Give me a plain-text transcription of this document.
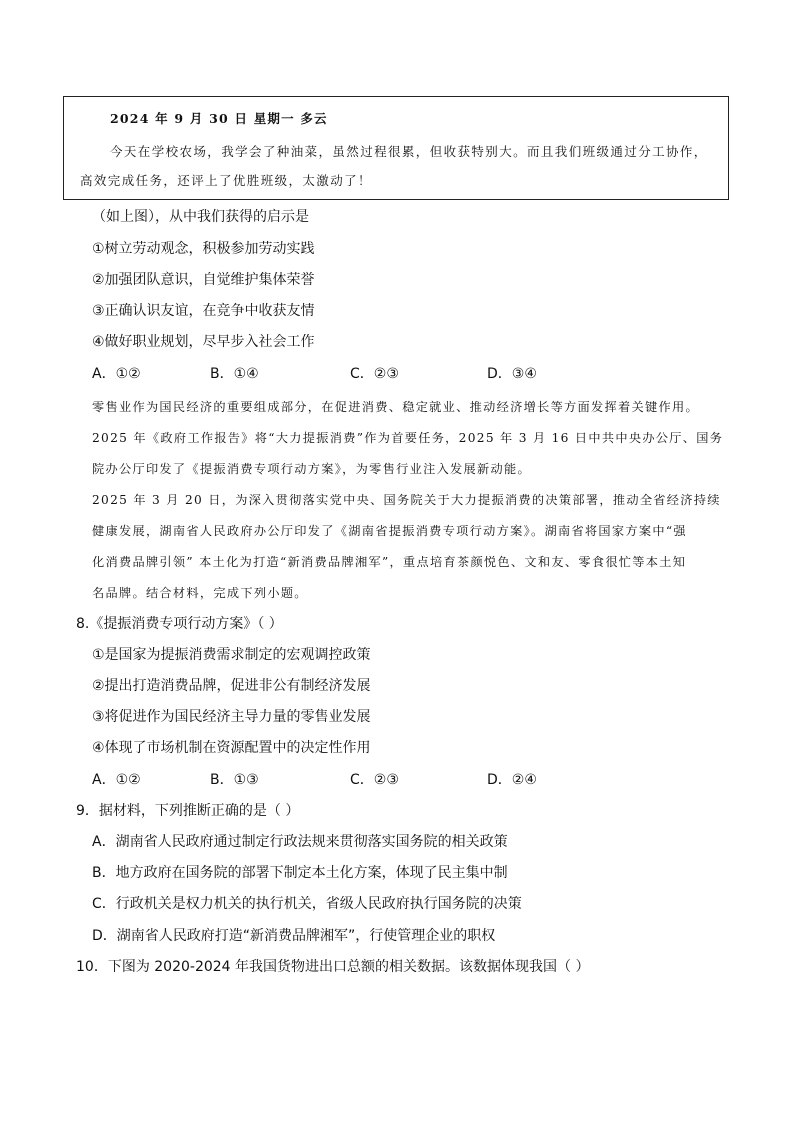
2024 年 9 月 30 日 星期一 多云
今天在学校农场，我学会了种油菜，虽然过程很累，但收获特别大。而且我们班级通过分工协作，高效完成任务，还评上了优胜班级，太激动了！
（如上图），从中我们获得的启示是
①树立劳动观念，积极参加劳动实践
②加强团队意识，自觉维护集体荣誉
③正确认识友谊，在竞争中收获友情
④做好职业规划，尽早步入社会工作
A．①②	B．①④	C．②③	D．③④
零售业作为国民经济的重要组成部分，在促进消费、稳定就业、推动经济增长等方面发挥着关键作用。
2025 年《政府工作报告》将“大力提振消费”作为首要任务，2025 年 3 月 16 日中共中央办公厅、国务
院办公厅印发了《提振消费专项行动方案》，为零售行业注入发展新动能。
2025 年 3 月 20 日，为深入贯彻落实党中央、国务院关于大力提振消费的决策部署，推动全省经济持续
健康发展，湖南省人民政府办公厅印发了《湖南省提振消费专项行动方案》。湖南省将国家方案中“强
化消费品牌引领” 本土化为打造“新消费品牌湘军”，重点培育茶颜悦色、文和友、零食很忙等本土知
名品牌。结合材料，完成下列小题。
8.《提振消费专项行动方案》（ ）
①是国家为提振消费需求制定的宏观调控政策
②提出打造消费品牌，促进非公有制经济发展
③将促进作为国民经济主导力量的零售业发展
④体现了市场机制在资源配置中的决定性作用
A．①②	B．①③	C．②③	D．②④
9．据材料，下列推断正确的是（ ）
A．湖南省人民政府通过制定行政法规来贯彻落实国务院的相关政策
B．地方政府在国务院的部署下制定本土化方案，体现了民主集中制
C．行政机关是权力机关的执行机关，省级人民政府执行国务院的决策
D．湖南省人民政府打造“新消费品牌湘军”，行使管理企业的职权
10．下图为 2020-2024 年我国货物进出口总额的相关数据。该数据体现我国（ ）
